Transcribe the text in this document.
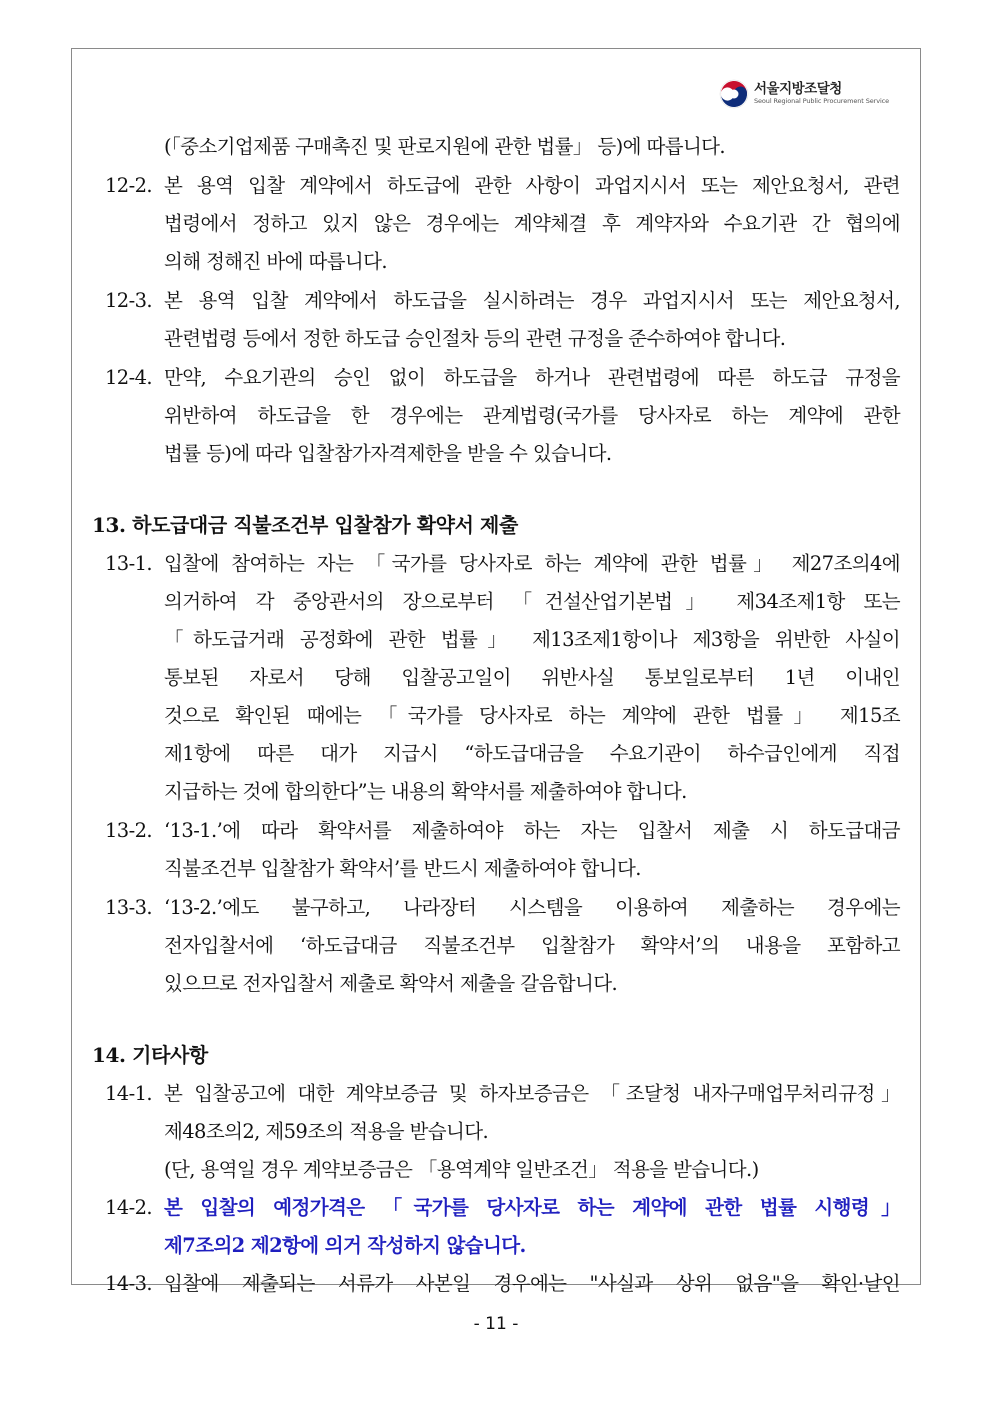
서울지방조달청
Seoul Regional Public Procurement Service
(「중소기업제품 구매촉진 및 판로지원에 관한 법률」 등)에 따릅니다.
12-2. 본 용역 입찰 계약에서 하도급에 관한 사항이 과업지시서 또는 제안요청서, 관련
법령에서 정하고 있지 않은 경우에는 계약체결 후 계약자와 수요기관 간 협의에
의해 정해진 바에 따릅니다.
12-3. 본 용역 입찰 계약에서 하도급을 실시하려는 경우 과업지시서 또는 제안요청서,
관련법령 등에서 정한 하도급 승인절차 등의 관련 규정을 준수하여야 합니다.
12-4. 만약, 수요기관의 승인 없이 하도급을 하거나 관련법령에 따른 하도급 규정을
위반하여 하도급을 한 경우에는 관계법령(국가를 당사자로 하는 계약에 관한
법률 등)에 따라 입찰참가자격제한을 받을 수 있습니다.
13. 하도급대금 직불조건부 입찰참가 확약서 제출
13-1. 입찰에 참여하는 자는 「국가를 당사자로 하는 계약에 관한 법률」 제27조의4에
의거하여 각 중앙관서의 장으로부터 「건설산업기본법」 제34조제1항 또는
「하도급거래 공정화에 관한 법률」 제13조제1항이나 제3항을 위반한 사실이
통보된 자로서 당해 입찰공고일이 위반사실 통보일로부터 1년 이내인
것으로 확인된 때에는 「국가를 당사자로 하는 계약에 관한 법률」 제15조
제1항에 따른 대가 지급시 “하도급대금을 수요기관이 하수급인에게 직접
지급하는 것에 합의한다”는 내용의 확약서를 제출하여야 합니다.
13-2. ‘13-1.’에 따라 확약서를 제출하여야 하는 자는 입찰서 제출 시 하도급대금
직불조건부 입찰참가 확약서’를 반드시 제출하여야 합니다.
13-3. ‘13-2.’에도 불구하고, 나라장터 시스템을 이용하여 제출하는 경우에는
전자입찰서에 ‘하도급대금 직불조건부 입찰참가 확약서’의 내용을 포함하고
있으므로 전자입찰서 제출로 확약서 제출을 갈음합니다.
14. 기타사항
14-1. 본 입찰공고에 대한 계약보증금 및 하자보증금은 「조달청 내자구매업무처리규정」
제48조의2, 제59조의 적용을 받습니다.
(단, 용역일 경우 계약보증금은 「용역계약 일반조건」 적용을 받습니다.)
14-2. 본 입찰의 예정가격은 「국가를 당사자로 하는 계약에 관한 법률 시행령」
제7조의2 제2항에 의거 작성하지 않습니다.
14-3. 입찰에 제출되는 서류가 사본일 경우에는 "사실과 상위 없음"을 확인·날인
- 11 -
